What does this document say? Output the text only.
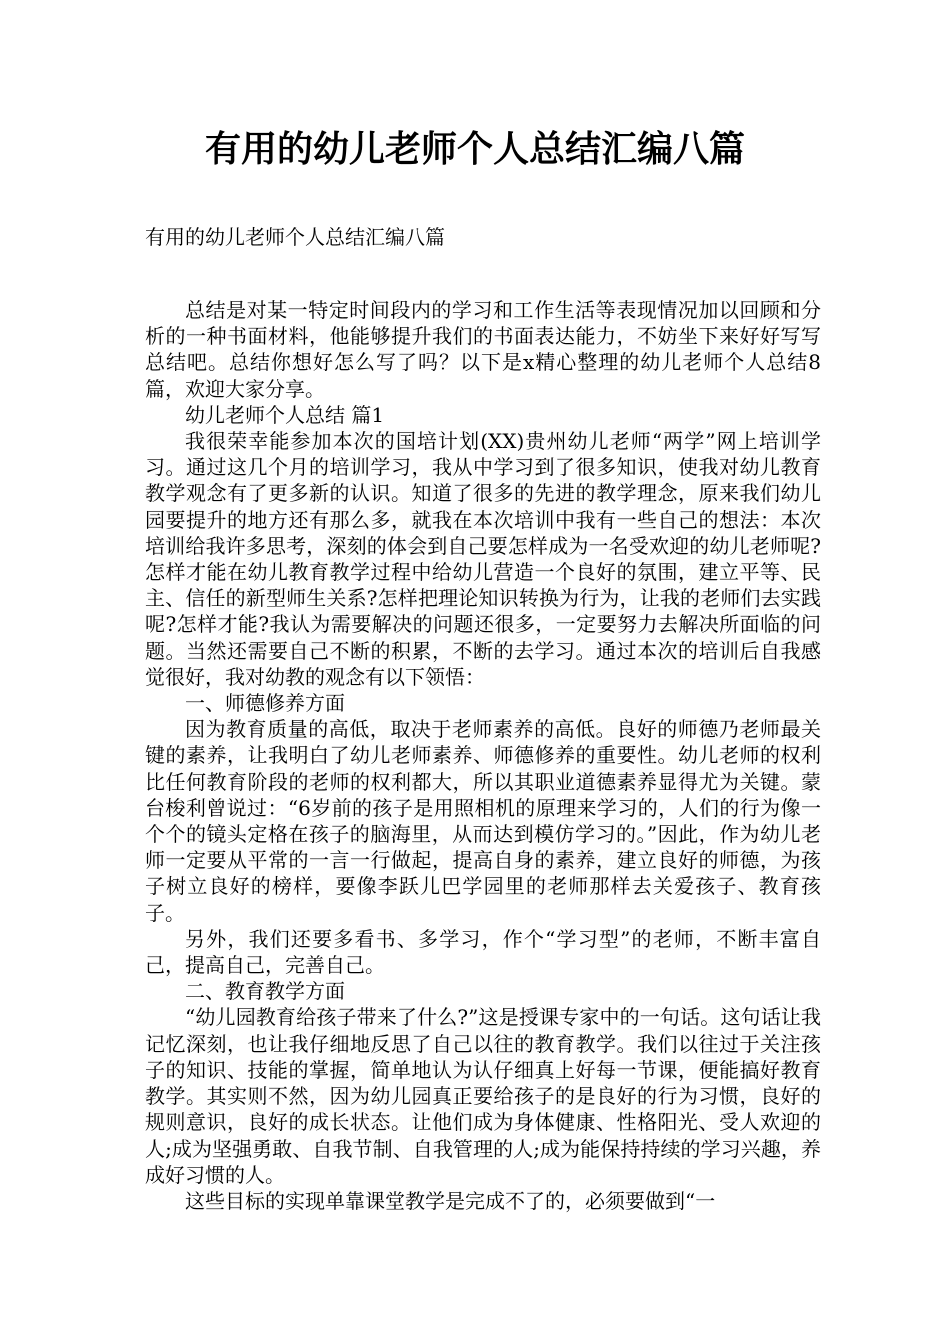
有用的幼儿老师个人总结汇编八篇
有用的幼儿老师个人总结汇编八篇

总结是对某一特定时间段内的学习和工作生活等表现情况加以回顾和分析的一种书面材料，他能够提升我们的书面表达能力，不妨坐下来好好写写总结吧。总结你想好怎么写了吗？以下是x精心整理的幼儿老师个人总结8篇，欢迎大家分享。

幼儿老师个人总结 篇1

我很荣幸能参加本次的国培计划(XX)贵州幼儿老师“两学”网上培训学习。通过这几个月的培训学习，我从中学习到了很多知识，使我对幼儿教育教学观念有了更多新的认识。知道了很多的先进的教学理念，原来我们幼儿园要提升的地方还有那么多，就我在本次培训中我有一些自己的想法：本次培训给我许多思考，深刻的体会到自己要怎样成为一名受欢迎的幼儿老师呢?怎样才能在幼儿教育教学过程中给幼儿营造一个良好的氛围，建立平等、民主、信任的新型师生关系?怎样把理论知识转换为行为，让我的老师们去实践呢?怎样才能?我认为需要解决的问题还很多，一定要努力去解决所面临的问题。当然还需要自己不断的积累，不断的去学习。通过本次的培训后自我感觉很好，我对幼教的观念有以下领悟：

一、师德修养方面

因为教育质量的高低，取决于老师素养的高低。良好的师德乃老师最关键的素养，让我明白了幼儿老师素养、师德修养的重要性。幼儿老师的权利比任何教育阶段的老师的权利都大，所以其职业道德素养显得尤为关键。蒙台梭利曾说过：“6岁前的孩子是用照相机的原理来学习的，人们的行为像一个个的镜头定格在孩子的脑海里，从而达到模仿学习的。”因此，作为幼儿老师一定要从平常的一言一行做起，提高自身的素养，建立良好的师德，为孩子树立良好的榜样，要像李跃儿巴学园里的老师那样去关爱孩子、教育孩子。

另外，我们还要多看书、多学习，作个“学习型”的老师，不断丰富自己，提高自己，完善自己。

二、教育教学方面

“幼儿园教育给孩子带来了什么?”这是授课专家中的一句话。这句话让我记忆深刻，也让我仔细地反思了自己以往的教育教学。我们以往过于关注孩子的知识、技能的掌握，简单地认为认仔细真上好每一节课，便能搞好教育教学。其实则不然，因为幼儿园真正要给孩子的是良好的行为习惯，良好的规则意识，良好的成长状态。让他们成为身体健康、性格阳光、受人欢迎的人;成为坚强勇敢、自我节制、自我管理的人;成为能保持持续的学习兴趣，养成好习惯的人。

这些目标的实现单靠课堂教学是完成不了的，必须要做到“一
